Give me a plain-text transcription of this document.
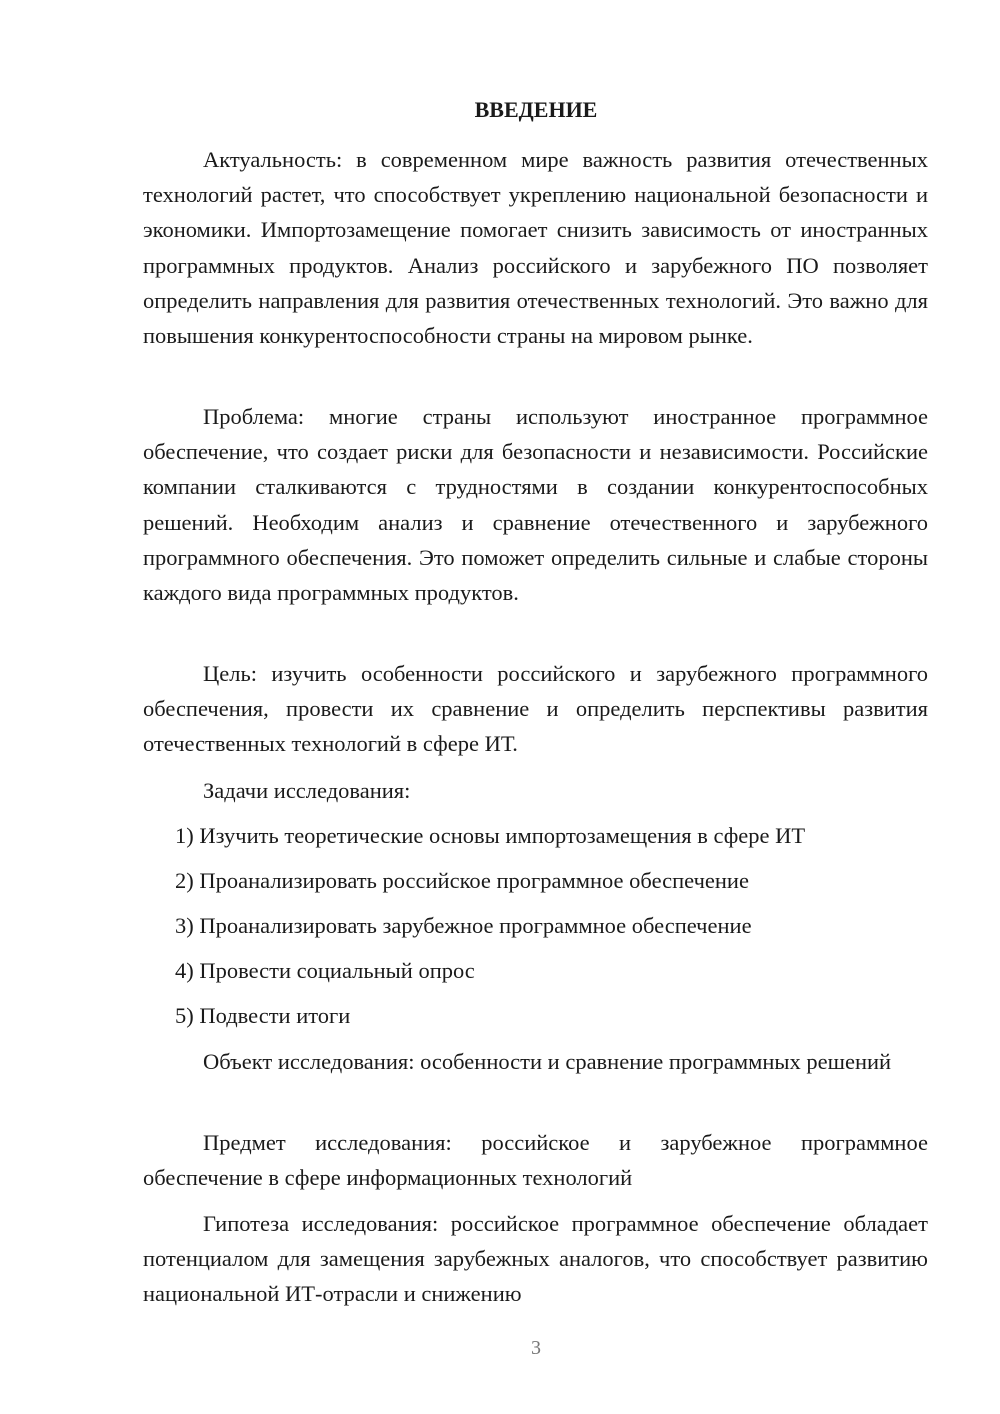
ВВЕДЕНИЕ

Актуальность: в современном мире важность развития отечественных технологий растет, что способствует укреплению национальной безопасности и экономики. Импортозамещение помогает снизить зависимость от иностранных программных продуктов. Анализ российского и зарубежного ПО позволяет определить направления для развития отечественных технологий. Это важно для повышения конкурентоспособности страны на мировом рынке.

Проблема: многие страны используют иностранное программное обеспечение, что создает риски для безопасности и независимости. Российские компании сталкиваются с трудностями в создании конкурентоспособных решений. Необходим анализ и сравнение отечественного и зарубежного программного обеспечения. Это поможет определить сильные и слабые стороны каждого вида программных продуктов.

Цель: изучить особенности российского и зарубежного программного обеспечения, провести их сравнение и определить перспективы развития отечественных технологий в сфере ИТ.

Задачи исследования:

1) Изучить теоретические основы импортозамещения в сфере ИТ

2) Проанализировать российское программное обеспечение

3) Проанализировать зарубежное программное обеспечение

4) Провести социальный опрос

5) Подвести итоги

Объект исследования: особенности и сравнение программных решений

Предмет исследования: российское и зарубежное программное обеспечение в сфере информационных технологий

Гипотеза исследования: российское программное обеспечение обладает потенциалом для замещения зарубежных аналогов, что способствует развитию национальной ИТ-отрасли и снижению

3
